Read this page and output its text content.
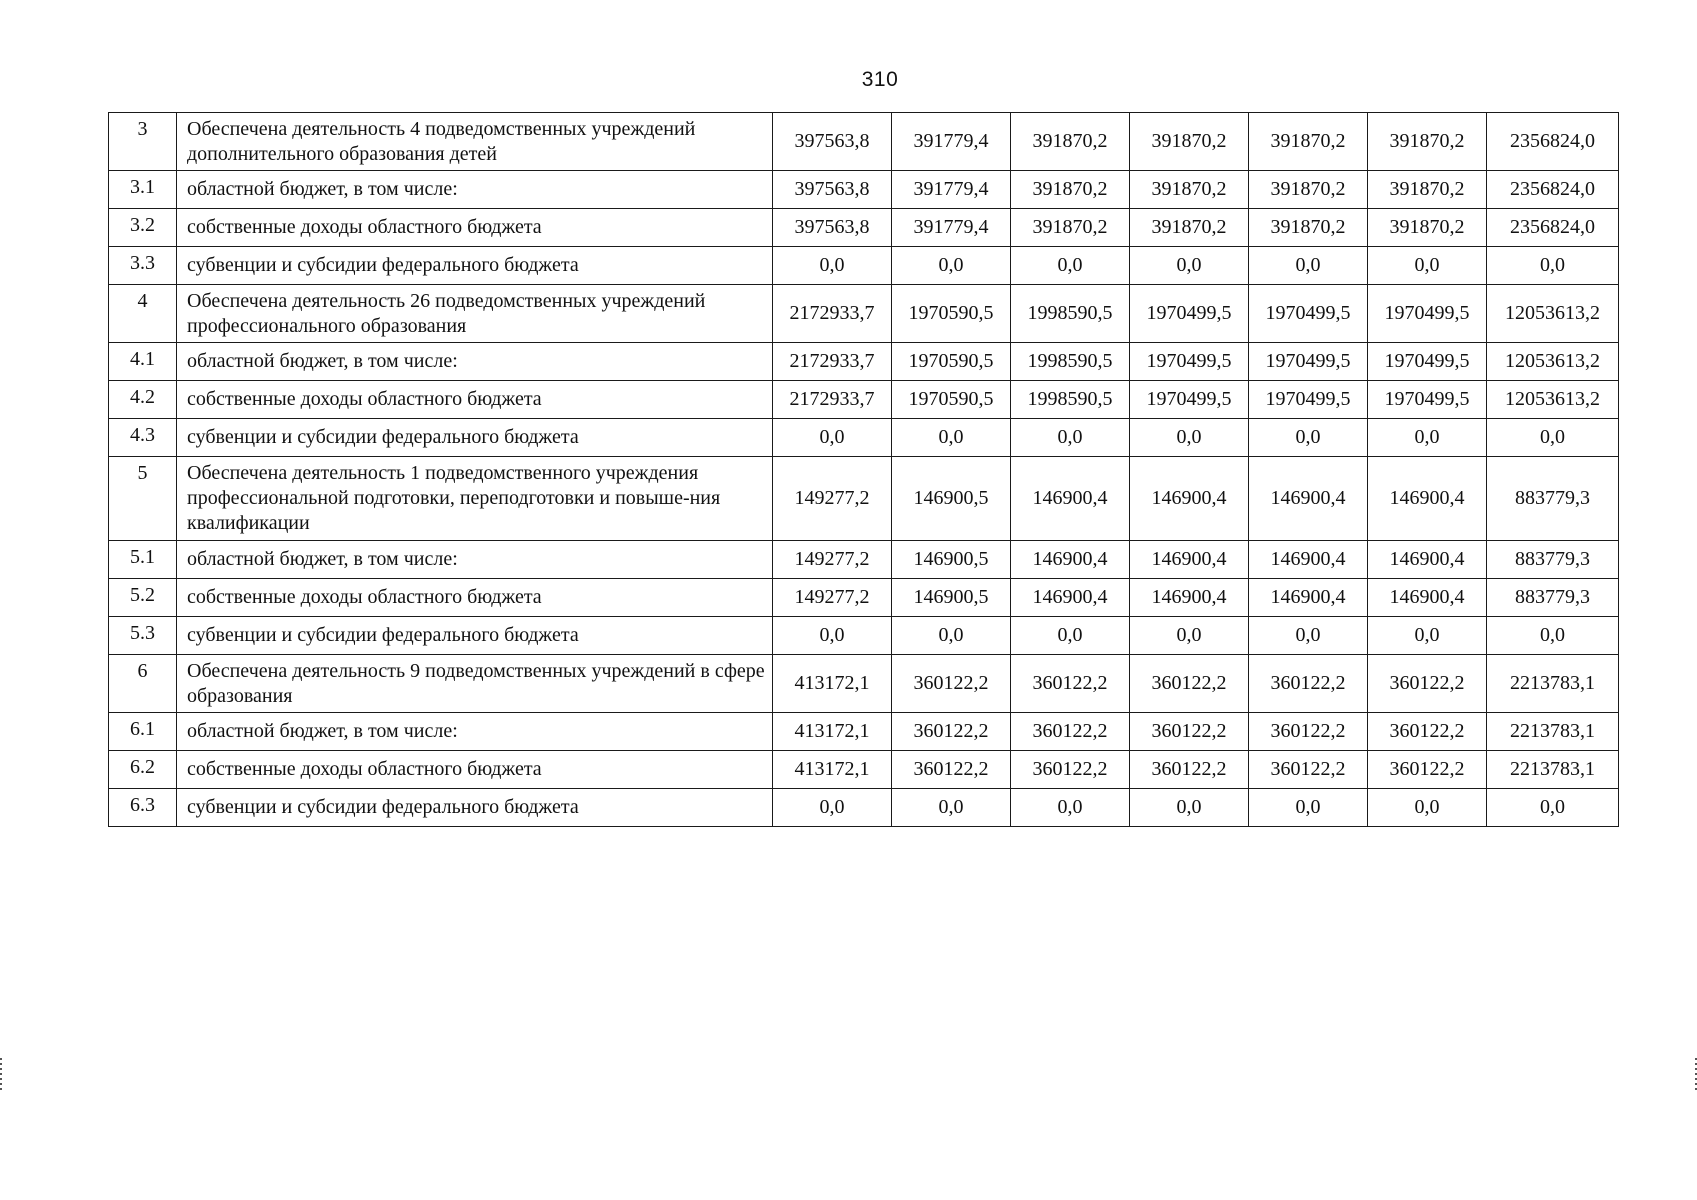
310
3	Обеспечена деятельность 4 подведомственных учреждений дополнительного образования детей	397563,8	391779,4	391870,2	391870,2	391870,2	391870,2	2356824,0
3.1	областной бюджет, в том числе:	397563,8	391779,4	391870,2	391870,2	391870,2	391870,2	2356824,0
3.2	собственные доходы областного бюджета	397563,8	391779,4	391870,2	391870,2	391870,2	391870,2	2356824,0
3.3	субвенции и субсидии федерального бюджета	0,0	0,0	0,0	0,0	0,0	0,0	0,0
4	Обеспечена деятельность 26 подведомственных учреждений профессионального образования	2172933,7	1970590,5	1998590,5	1970499,5	1970499,5	1970499,5	12053613,2
4.1	областной бюджет, в том числе:	2172933,7	1970590,5	1998590,5	1970499,5	1970499,5	1970499,5	12053613,2
4.2	собственные доходы областного бюджета	2172933,7	1970590,5	1998590,5	1970499,5	1970499,5	1970499,5	12053613,2
4.3	субвенции и субсидии федерального бюджета	0,0	0,0	0,0	0,0	0,0	0,0	0,0
5	Обеспечена деятельность 1 подведомственного учреждения профессиональной подготовки, переподготовки и повыше-ния квалификации	149277,2	146900,5	146900,4	146900,4	146900,4	146900,4	883779,3
5.1	областной бюджет, в том числе:	149277,2	146900,5	146900,4	146900,4	146900,4	146900,4	883779,3
5.2	собственные доходы областного бюджета	149277,2	146900,5	146900,4	146900,4	146900,4	146900,4	883779,3
5.3	субвенции и субсидии федерального бюджета	0,0	0,0	0,0	0,0	0,0	0,0	0,0
6	Обеспечена деятельность 9 подведомственных учреждений в сфере образования	413172,1	360122,2	360122,2	360122,2	360122,2	360122,2	2213783,1
6.1	областной бюджет, в том числе:	413172,1	360122,2	360122,2	360122,2	360122,2	360122,2	2213783,1
6.2	собственные доходы областного бюджета	413172,1	360122,2	360122,2	360122,2	360122,2	360122,2	2213783,1
6.3	субвенции и субсидии федерального бюджета	0,0	0,0	0,0	0,0	0,0	0,0	0,0
